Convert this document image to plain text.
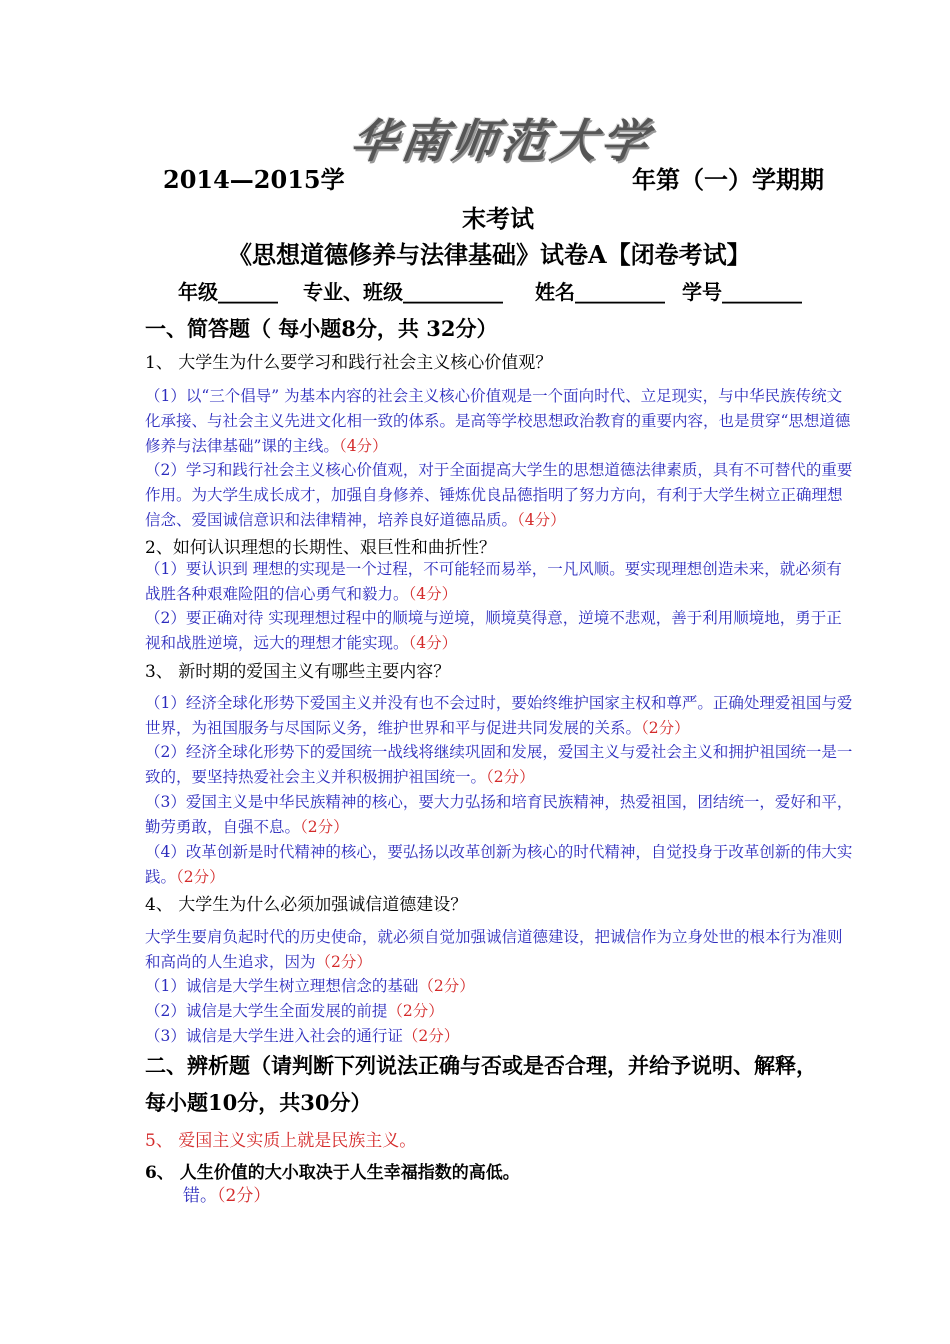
华南师范大学
2014—2015学	年第（一）学期期
末考试
《思想道德修养与法律基础》试卷A【闭卷考试】
年级______ 专业、班级__________ 姓名_________ 学号________
一、简答题（ 每小题8分，共 32分）
1、 大学生为什么要学习和践行社会主义核心价值观？
（1）以“三个倡导” 为基本内容的社会主义核心价值观是一个面向时代、立足现实，与中华民族传统文化承接、与社会主义先进文化相一致的体系。是高等学校思想政治教育的重要内容，也是贯穿“思想道德修养与法律基础”课的主线。（4分）
（2）学习和践行社会主义核心价值观，对于全面提高大学生的思想道德法律素质，具有不可替代的重要作用。为大学生成长成才，加强自身修养、锤炼优良品德指明了努力方向，有利于大学生树立正确理想信念、爱国诚信意识和法律精神，培养良好道德品质。（4分）
2、如何认识理想的长期性、艰巨性和曲折性？
（1）要认识到 理想的实现是一个过程，不可能轻而易举，一凡风顺。要实现理想创造未来，就必须有战胜各种艰难险阻的信心勇气和毅力。（4分）
（2）要正确对待 实现理想过程中的顺境与逆境，顺境莫得意，逆境不悲观，善于利用顺境地，勇于正视和战胜逆境，远大的理想才能实现。（4分）
3、 新时期的爱国主义有哪些主要内容？
（1）经济全球化形势下爱国主义并没有也不会过时，要始终维护国家主权和尊严。正确处理爱祖国与爱世界，为祖国服务与尽国际义务，维护世界和平与促进共同发展的关系。（2分）
（2）经济全球化形势下的爱国统一战线将继续巩固和发展，爱国主义与爱社会主义和拥护祖国统一是一致的，要坚持热爱社会主义并积极拥护祖国统一。（2分）
（3）爱国主义是中华民族精神的核心，要大力弘扬和培育民族精神，热爱祖国，团结统一，爱好和平，勤劳勇敢，自强不息。（2分）
（4）改革创新是时代精神的核心，要弘扬以改革创新为核心的时代精神，自觉投身于改革创新的伟大实践。（2分）
4、 大学生为什么必须加强诚信道德建设？
大学生要肩负起时代的历史使命，就必须自觉加强诚信道德建设，把诚信作为立身处世的根本行为准则和高尚的人生追求，因为（2分）
（1）诚信是大学生树立理想信念的基础（2分）
（2）诚信是大学生全面发展的前提（2分）
（3）诚信是大学生进入社会的通行证（2分）
二、辨析题（请判断下列说法正确与否或是否合理，并给予说明、解释，
每小题10分，共30分）
5、 爱国主义实质上就是民族主义。
6、 人生价值的大小取决于人生幸福指数的高低。
错。（2分）
